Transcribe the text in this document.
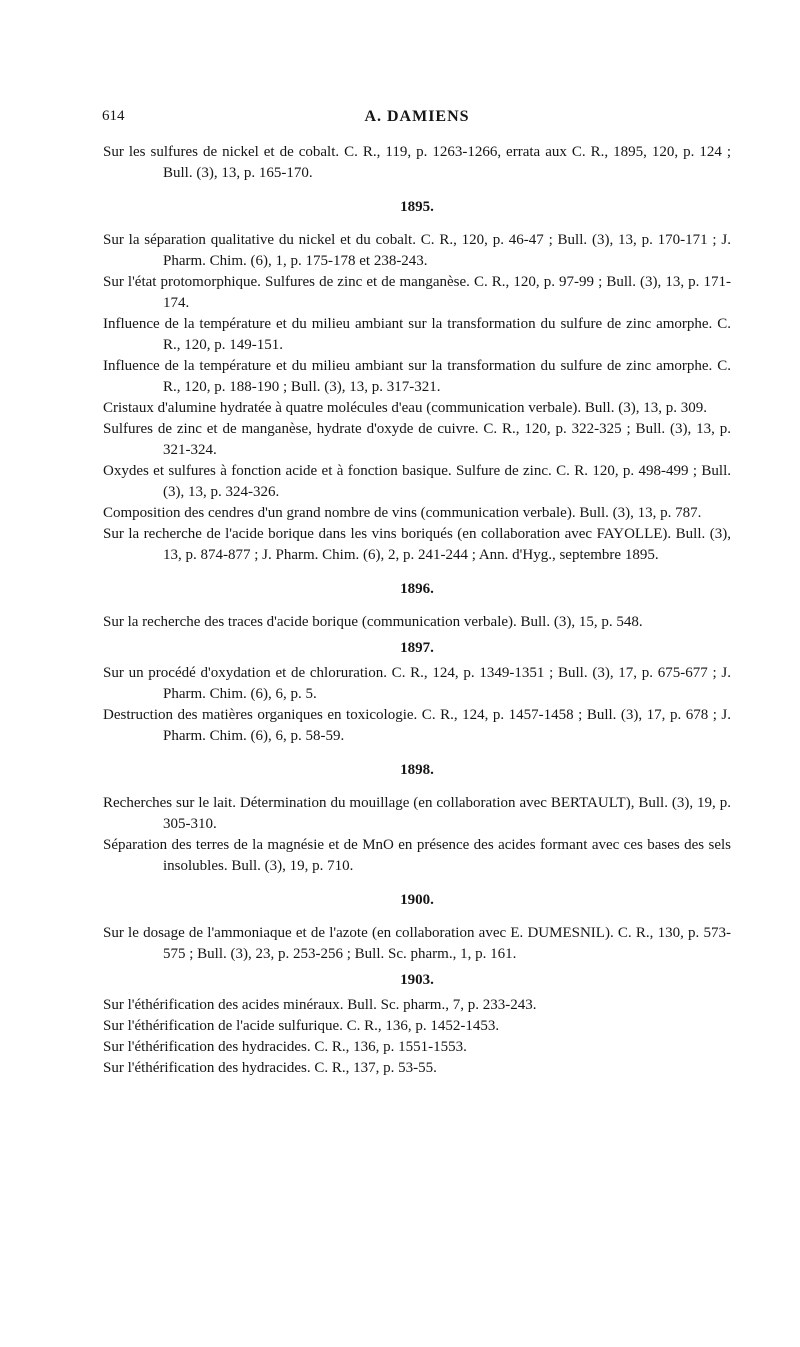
614	A. DAMIENS

Sur les sulfures de nickel et de cobalt. C. R., 119, p. 1263-1266, errata aux C. R., 1895, 120, p. 124 ; Bull. (3), 13, p. 165-170.

1895.

Sur la séparation qualitative du nickel et du cobalt. C. R., 120, p. 46-47 ; Bull. (3), 13, p. 170-171 ; J. Pharm. Chim. (6), 1, p. 175-178 et 238-243.

Sur l'état protomorphique. Sulfures de zinc et de manganèse. C. R., 120, p. 97-99 ; Bull. (3), 13, p. 171-174.

Influence de la température et du milieu ambiant sur la transformation du sulfure de zinc amorphe. C. R., 120, p. 149-151.

Influence de la température et du milieu ambiant sur la transformation du sulfure de zinc amorphe. C. R., 120, p. 188-190 ; Bull. (3), 13, p. 317-321.

Cristaux d'alumine hydratée à quatre molécules d'eau (communication verbale). Bull. (3), 13, p. 309.

Sulfures de zinc et de manganèse, hydrate d'oxyde de cuivre. C. R., 120, p. 322-325 ; Bull. (3), 13, p. 321-324.

Oxydes et sulfures à fonction acide et à fonction basique. Sulfure de zinc. C. R. 120, p. 498-499 ; Bull. (3), 13, p. 324-326.

Composition des cendres d'un grand nombre de vins (communication verbale). Bull. (3), 13, p. 787.

Sur la recherche de l'acide borique dans les vins boriqués (en collaboration avec FAYOLLE). Bull. (3), 13, p. 874-877 ; J. Pharm. Chim. (6), 2, p. 241-244 ; Ann. d'Hyg., septembre 1895.

1896.

Sur la recherche des traces d'acide borique (communication verbale). Bull. (3), 15, p. 548.

1897.

Sur un procédé d'oxydation et de chloruration. C. R., 124, p. 1349-1351 ; Bull. (3), 17, p. 675-677 ; J. Pharm. Chim. (6), 6, p. 5.

Destruction des matières organiques en toxicologie. C. R., 124, p. 1457-1458 ; Bull. (3), 17, p. 678 ; J. Pharm. Chim. (6), 6, p. 58-59.

1898.

Recherches sur le lait. Détermination du mouillage (en collaboration avec BERTAULT), Bull. (3), 19, p. 305-310.

Séparation des terres de la magnésie et de MnO en présence des acides formant avec ces bases des sels insolubles. Bull. (3), 19, p. 710.

1900.

Sur le dosage de l'ammoniaque et de l'azote (en collaboration avec E. DUMESNIL). C. R., 130, p. 573-575 ; Bull. (3), 23, p. 253-256 ; Bull. Sc. pharm., 1, p. 161.

1903.

Sur l'éthérification des acides minéraux. Bull. Sc. pharm., 7, p. 233-243.

Sur l'éthérification de l'acide sulfurique. C. R., 136, p. 1452-1453.

Sur l'éthérification des hydracides. C. R., 136, p. 1551-1553.

Sur l'éthérification des hydracides. C. R., 137, p. 53-55.
